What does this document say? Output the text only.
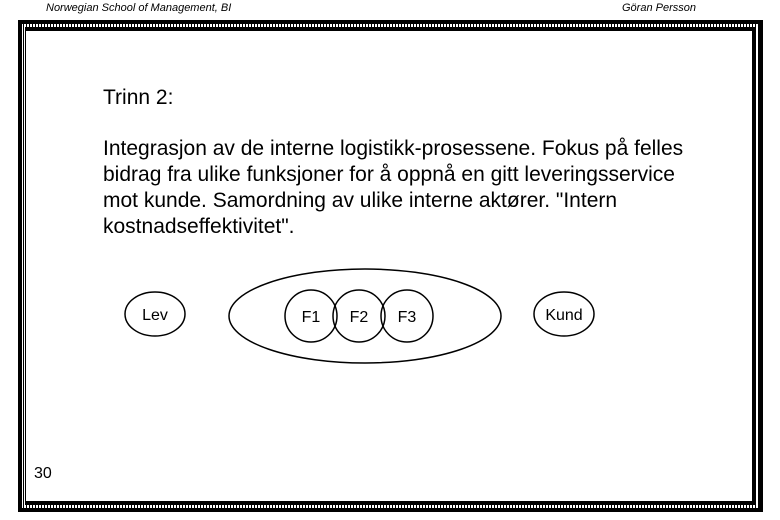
Norwegian School of Management, BI	Göran Persson
Trinn 2:
Integrasjon av de interne logistikk-prosessene. Fokus på felles bidrag fra ulike funksjoner for å oppnå en gitt leveringsservice mot kunde. Samordning av ulike interne aktører. "Intern kostnadseffektivitet".
Lev	F1 F2 F3	Kund
30
